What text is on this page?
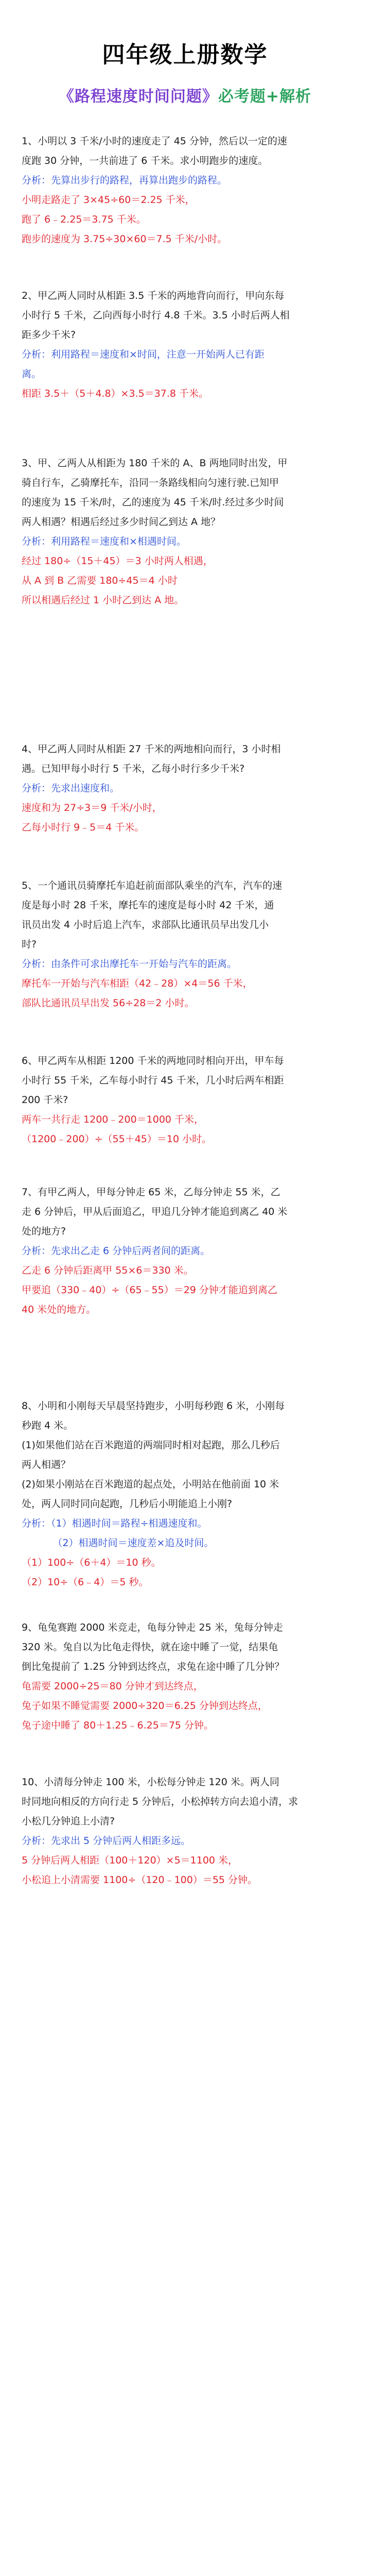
四年级上册数学
《路程速度时间问题》必考题+解析
1、小明以 3 千米/小时的速度走了 45 分钟，然后以一定的速
度跑 30 分钟，一共前进了 6 千米。求小明跑步的速度。
分析：先算出步行的路程，再算出跑步的路程。
小明走路走了 3×45÷60＝2.25 千米，
跑了 6﹣2.25＝3.75 千米。
跑步的速度为 3.75÷30×60＝7.5 千米/小时。
2、甲乙两人同时从相距 3.5 千米的两地背向而行，甲向东每
小时行 5 千米，乙向西每小时行 4.8 千米。3.5 小时后两人相
距多少千米?
分析：利用路程＝速度和×时间，注意一开始两人已有距
离。
相距 3.5＋（5＋4.8）×3.5＝37.8 千米。
3、甲、乙两人从相距为 180 千米的 A、B 两地同时出发，甲
骑自行车，乙骑摩托车，沿同一条路线相向匀速行驶.已知甲
的速度为 15 千米/时，乙的速度为 45 千米/时.经过多少时间
两人相遇？相遇后经过多少时间乙到达 A 地？
分析：利用路程＝速度和×相遇时间。
经过 180÷（15＋45）＝3 小时两人相遇，
从 A 到 B 乙需要 180÷45＝4 小时
所以相遇后经过 1 小时乙到达 A 地。
4、甲乙两人同时从相距 27 千米的两地相向而行，3 小时相
遇。已知甲每小时行 5 千米，乙每小时行多少千米?
分析：先求出速度和。
速度和为 27÷3＝9 千米/小时，
乙每小时行 9﹣5＝4 千米。
5、一个通讯员骑摩托车追赶前面部队乘坐的汽车，汽车的速
度是每小时 28 千米，摩托车的速度是每小时 42 千米，通
讯员出发 4 小时后追上汽车，求部队比通讯员早出发几小
时?
分析：由条件可求出摩托车一开始与汽车的距离。
摩托车一开始与汽车相距（42﹣28）×4＝56 千米，
部队比通讯员早出发 56÷28＝2 小时。
6、甲乙两车从相距 1200 千米的两地同时相向开出，甲车每
小时行 55 千米，乙车每小时行 45 千米，几小时后两车相距
200 千米?
两车一共行走 1200﹣200＝1000 千米，
（1200﹣200）÷（55＋45）＝10 小时。
7、有甲乙两人，甲每分钟走 65 米，乙每分钟走 55 米，乙
走 6 分钟后，甲从后面追乙，甲追几分钟才能追到离乙 40 米
处的地方?
分析：先求出乙走 6 分钟后两者间的距离。
乙走 6 分钟后距离甲 55×6＝330 米。
甲要追（330﹣40）÷（65﹣55）＝29 分钟才能追到离乙
40 米处的地方。
8、小明和小刚每天早晨坚持跑步，小明每秒跑 6 米，小刚每
秒跑 4 米。
(1)如果他们站在百米跑道的两端同时相对起跑，那么几秒后
两人相遇？
(2)如果小刚站在百米跑道的起点处，小明站在他前面 10 米
处，两人同时同向起跑，几秒后小明能追上小刚?
分析：（1）相遇时间＝路程÷相遇速度和。
（2）相遇时间＝速度差×追及时间。
（1）100÷（6＋4）＝10 秒。
（2）10÷（6﹣4）＝5 秒。
9、龟兔赛跑 2000 米竞走，龟每分钟走 25 米，兔每分钟走
320 米。兔自以为比龟走得快，就在途中睡了一觉，结果龟
倒比兔提前了 1.25 分钟到达终点，求兔在途中睡了几分钟？
龟需要 2000÷25＝80 分钟才到达终点，
兔子如果不睡觉需要 2000÷320＝6.25 分钟到达终点，
兔子途中睡了 80＋1.25﹣6.25＝75 分钟。
10、小清每分钟走 100 米，小松每分钟走 120 米。两人同
时同地向相反的方向行走 5 分钟后，小松掉转方向去追小清，求
小松几分钟追上小清?
分析：先求出 5 分钟后两人相距多远。
5 分钟后两人相距（100＋120）×5＝1100 米，
小松追上小清需要 1100÷（120﹣100）＝55 分钟。
